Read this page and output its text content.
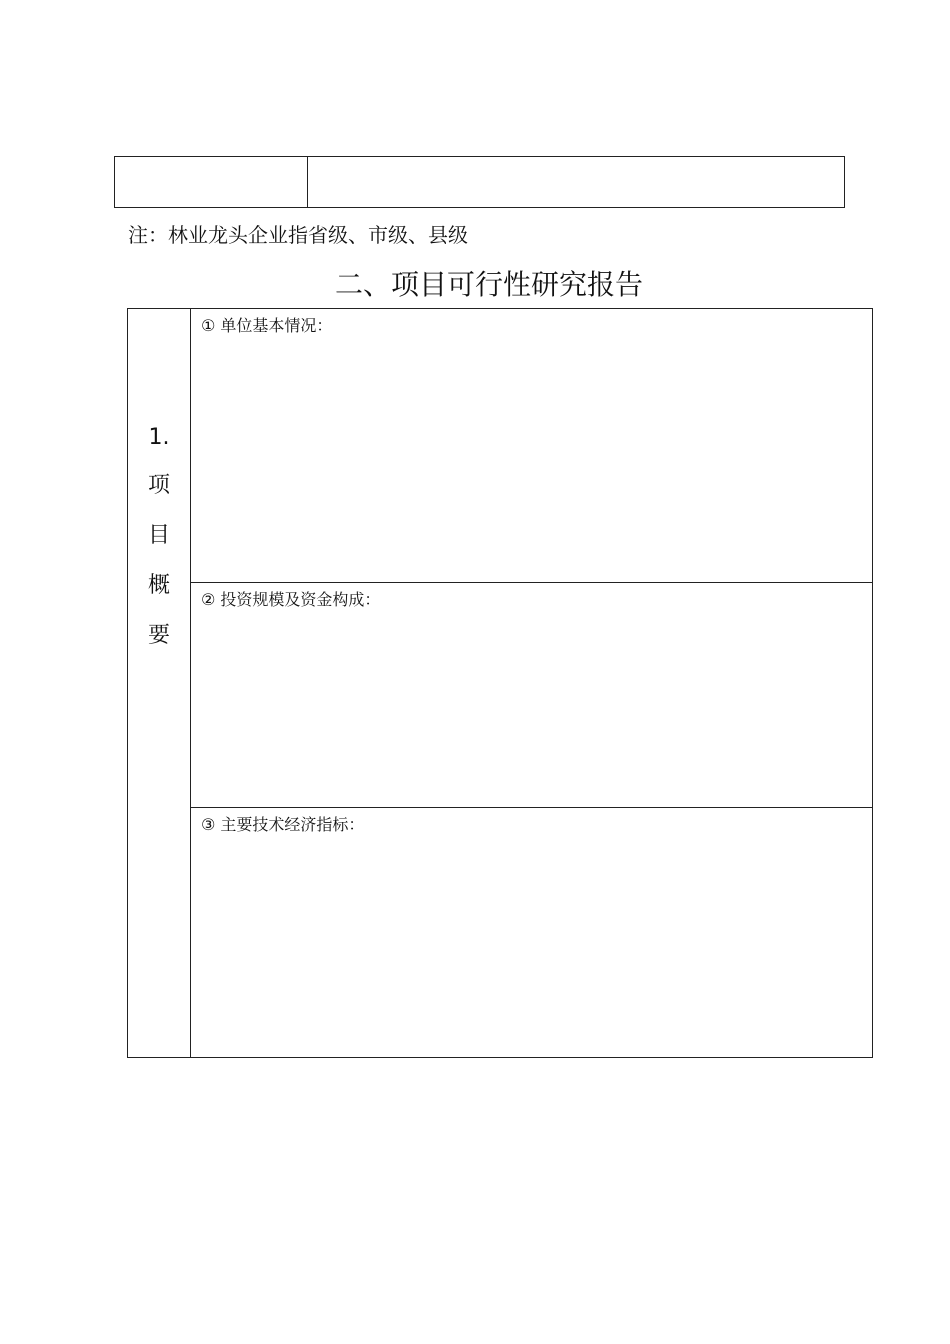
注：林业龙头企业指省级、市级、县级
二、项目可行性研究报告
1.
项
目
概
要
① 单位基本情况：
② 投资规模及资金构成：
③ 主要技术经济指标：
